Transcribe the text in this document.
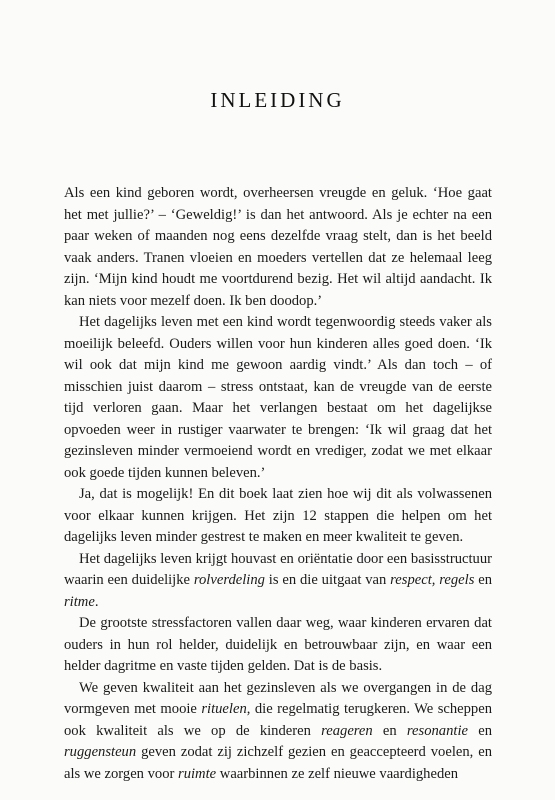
INLEIDING

Als een kind geboren wordt, overheersen vreugde en geluk. ‘Hoe gaat het met jullie?’ – ‘Geweldig!’ is dan het antwoord. Als je echter na een paar weken of maanden nog eens dezelfde vraag stelt, dan is het beeld vaak anders. Tranen vloeien en moeders vertellen dat ze helemaal leeg zijn. ‘Mijn kind houdt me voortdurend bezig. Het wil altijd aandacht. Ik kan niets voor mezelf doen. Ik ben doodop.’

Het dagelijks leven met een kind wordt tegenwoordig steeds vaker als moeilijk beleefd. Ouders willen voor hun kinderen alles goed doen. ‘Ik wil ook dat mijn kind me gewoon aardig vindt.’ Als dan toch – of misschien juist daarom – stress ontstaat, kan de vreugde van de eerste tijd verloren gaan. Maar het verlangen bestaat om het dagelijkse opvoeden weer in rustiger vaarwater te brengen: ‘Ik wil graag dat het gezinsleven minder vermoeiend wordt en vrediger, zodat we met elkaar ook goede tijden kunnen beleven.’

Ja, dat is mogelijk! En dit boek laat zien hoe wij dit als volwassenen voor elkaar kunnen krijgen. Het zijn 12 stappen die helpen om het dagelijks leven minder gestrest te maken en meer kwaliteit te geven.

Het dagelijks leven krijgt houvast en oriëntatie door een basisstructuur waarin een duidelijke rolverdeling is en die uitgaat van respect, regels en ritme.

De grootste stressfactoren vallen daar weg, waar kinderen ervaren dat ouders in hun rol helder, duidelijk en betrouwbaar zijn, en waar een helder dagritme en vaste tijden gelden. Dat is de basis.

We geven kwaliteit aan het gezinsleven als we overgangen in de dag vormgeven met mooie rituelen, die regelmatig terugkeren. We scheppen ook kwaliteit als we op de kinderen reageren en resonantie en ruggensteun geven zodat zij zichzelf gezien en geaccepteerd voelen, en als we zorgen voor ruimte waarbinnen ze zelf nieuwe vaardigheden
